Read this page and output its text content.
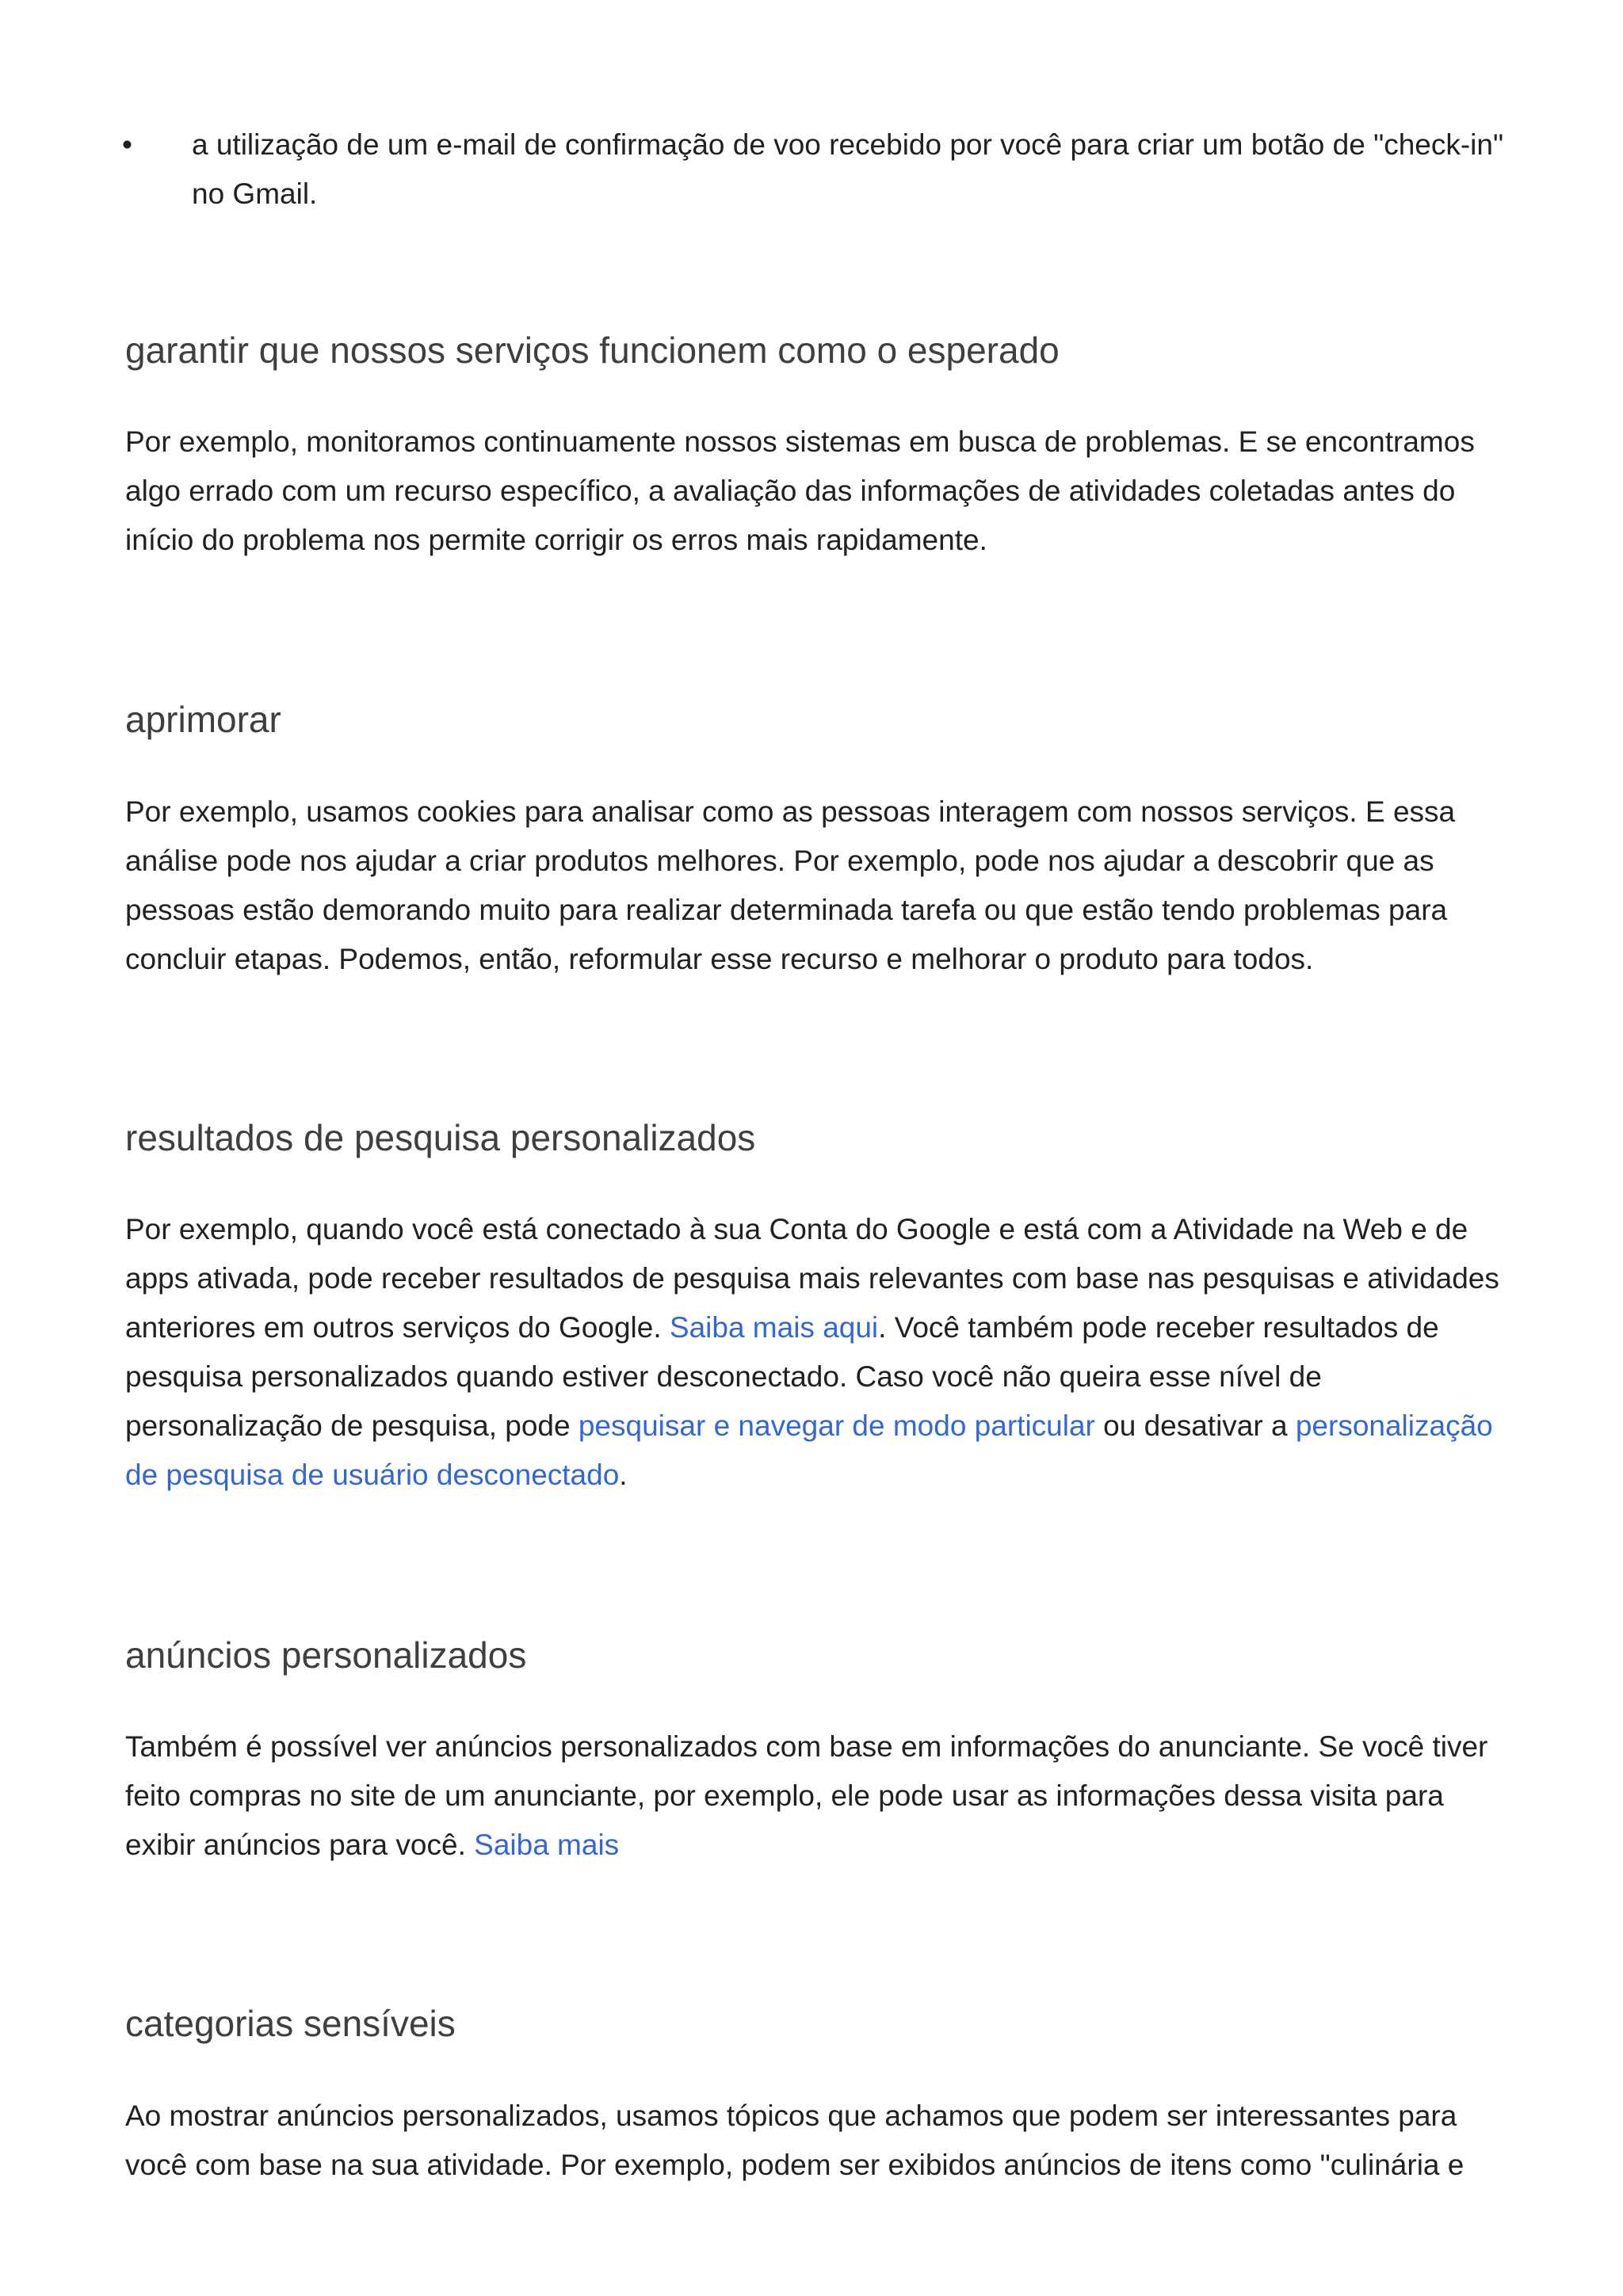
• a utilização de um e-mail de confirmação de voo recebido por você para criar um botão de "check-in" no Gmail.
garantir que nossos serviços funcionem como o esperado

Por exemplo, monitoramos continuamente nossos sistemas em busca de problemas. E se encontramos algo errado com um recurso específico, a avaliação das informações de atividades coletadas antes do início do problema nos permite corrigir os erros mais rapidamente.

aprimorar

Por exemplo, usamos cookies para analisar como as pessoas interagem com nossos serviços. E essa análise pode nos ajudar a criar produtos melhores. Por exemplo, pode nos ajudar a descobrir que as pessoas estão demorando muito para realizar determinada tarefa ou que estão tendo problemas para concluir etapas. Podemos, então, reformular esse recurso e melhorar o produto para todos.

resultados de pesquisa personalizados

Por exemplo, quando você está conectado à sua Conta do Google e está com a Atividade na Web e de apps ativada, pode receber resultados de pesquisa mais relevantes com base nas pesquisas e atividades anteriores em outros serviços do Google. Saiba mais aqui. Você também pode receber resultados de pesquisa personalizados quando estiver desconectado. Caso você não queira esse nível de personalização de pesquisa, pode pesquisar e navegar de modo particular ou desativar a personalização de pesquisa de usuário desconectado.

anúncios personalizados

Também é possível ver anúncios personalizados com base em informações do anunciante. Se você tiver feito compras no site de um anunciante, por exemplo, ele pode usar as informações dessa visita para exibir anúncios para você. Saiba mais

categorias sensíveis

Ao mostrar anúncios personalizados, usamos tópicos que achamos que podem ser interessantes para você com base na sua atividade. Por exemplo, podem ser exibidos anúncios de itens como "culinária e
